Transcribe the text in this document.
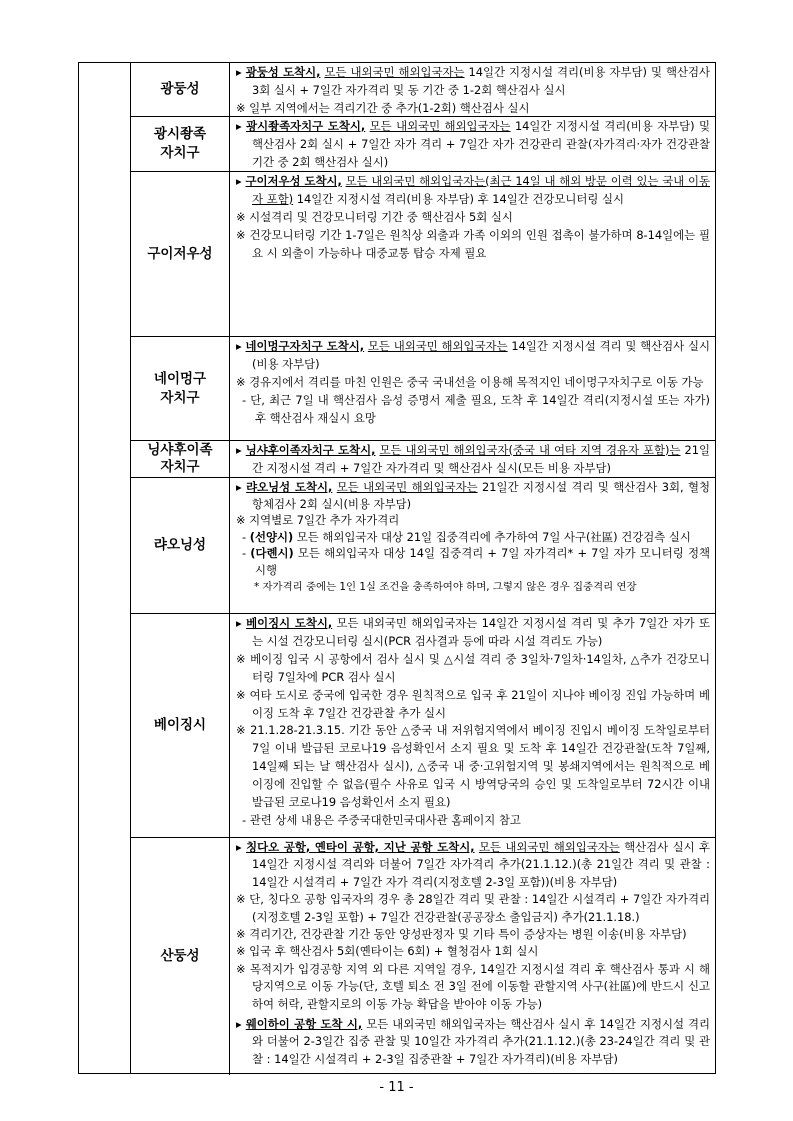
광둥성

▸ 광둥성 도착시, 모든 내외국민 해외입국자는 14일간 지정시설 격리(비용 자부담) 및 핵산검사 3회 실시 + 7일간 자가격리 및 동 기간 중 1-2회 핵산검사 실시

※ 일부 지역에서는 격리기간 중 추가(1-2회) 핵산검사 실시

광시좡족
자치구

▸ 광시좡족자치구 도착시, 모든 내외국민 해외입국자는 14일간 지정시설 격리(비용 자부담) 및 핵산검사 2회 실시 + 7일간 자가 격리 + 7일간 자가 건강관리 관찰(자가격리·자가 건강관찰 기간 중 2회 핵산검사 실시)

구이저우성

▸ 구이저우성 도착시, 모든 내외국민 해외입국자는(최근 14일 내 해외 방문 이력 있는 국내 이동자 포함) 14일간 지정시설 격리(비용 자부담) 후 14일간 건강모니터링 실시

※ 시설격리 및 건강모니터링 기간 중 핵산검사 5회 실시

※ 건강모니터링 기간 1-7일은 원칙상 외출과 가족 이외의 인원 접촉이 불가하며 8-14일에는 필요 시 외출이 가능하나 대중교통 탑승 자제 필요

네이멍구
자치구

▸ 네이멍구자치구 도착시, 모든 내외국민 해외입국자는 14일간 지정시설 격리 및 핵산검사 실시 (비용 자부담)

※ 경유지에서 격리를 마친 인원은 중국 국내선을 이용해 목적지인 네이멍구자치구로 이동 가능

- 단, 최근 7일 내 핵산검사 음성 증명서 제출 필요, 도착 후 14일간 격리(지정시설 또는 자가) 후 핵산검사 재실시 요망

닝샤후이족
자치구

▸ 닝샤후이족자치구 도착시, 모든 내외국민 해외입국자(중국 내 여타 지역 경유자 포함)는 21일간 지정시설 격리 + 7일간 자가격리 및 핵산검사 실시(모든 비용 자부담)

랴오닝성

▸ 랴오닝성 도착시, 모든 내외국민 해외입국자는 21일간 지정시설 격리 및 핵산검사 3회, 혈청항체검사 2회 실시(비용 자부담)

※ 지역별로 7일간 추가 자가격리

- (선양시) 모든 해외입국자 대상 21일 집중격리에 추가하여 7일 사구(社區) 건강검측 실시

- (다롄시) 모든 해외입국자 대상 14일 집중격리 + 7일 자가격리* + 7일 자가 모니터링 정책 시행

* 자가격리 중에는 1인 1실 조건을 충족하여야 하며, 그렇지 않은 경우 집중격리 연장

베이징시

▸ 베이징시 도착시, 모든 내외국민 해외입국자는 14일간 지정시설 격리 및 추가 7일간 자가 또는 시설 건강모니터링 실시(PCR 검사결과 등에 따라 시설 격리도 가능)

※ 베이징 입국 시 공항에서 검사 실시 및 △시설 격리 중 3일차·7일차·14일차, △추가 건강모니터링 7일차에 PCR 검사 실시

※ 여타 도시로 중국에 입국한 경우 원칙적으로 입국 후 21일이 지나야 베이징 진입 가능하며 베이징 도착 후 7일간 건강관찰 추가 실시

※ 21.1.28-21.3.15. 기간 동안 △중국 내 저위험지역에서 베이징 진입시 베이징 도착일로부터 7일 이내 발급된 코로나19 음성확인서 소지 필요 및 도착 후 14일간 건강관찰(도착 7일째, 14일째 되는 날 핵산검사 실시), △중국 내 중·고위험지역 및 봉쇄지역에서는 원칙적으로 베이징에 진입할 수 없음(필수 사유로 입국 시 방역당국의 승인 및 도착일로부터 72시간 이내 발급된 코로나19 음성확인서 소지 필요)

- 관련 상세 내용은 주중국대한민국대사관 홈페이지 참고

산둥성

▸ 칭다오 공항, 옌타이 공항, 지난 공항 도착시, 모든 내외국민 해외입국자는 핵산검사 실시 후 14일간 지정시설 격리와 더불어 7일간 자가격리 추가(21.1.12.)(총 21일간 격리 및 관찰 : 14일간 시설격리 + 7일간 자가 격리(지정호텔 2-3일 포함))(비용 자부담)

※ 단, 칭다오 공항 입국자의 경우 총 28일간 격리 및 관찰 : 14일간 시설격리 + 7일간 자가격리(지정호텔 2-3일 포함) + 7일간 건강관찰(공공장소 출입금지) 추가(21.1.18.)

※ 격리기간, 건강관찰 기간 동안 양성판정자 및 기타 특이 증상자는 병원 이송(비용 자부담)

※ 입국 후 핵산검사 5회(옌타이는 6회) + 혈청검사 1회 실시

※ 목적지가 입경공항 지역 외 다른 지역일 경우, 14일간 지정시설 격리 후 핵산검사 통과 시 해당지역으로 이동 가능(단, 호텔 퇴소 전 3일 전에 이동할 관할지역 사구(社區)에 반드시 신고하여 허락, 관할지로의 이동 가능 확답을 받아야 이동 가능)

▸ 웨이하이 공항 도착 시, 모든 내외국민 해외입국자는 핵산검사 실시 후 14일간 지정시설 격리와 더불어 2-3일간 집중 관찰 및 10일간 자가격리 추가(21.1.12.)(총 23-24일간 격리 및 관찰 : 14일간 시설격리 + 2-3일 집중관찰 + 7일간 자가격리)(비용 자부담)

- 11 -
